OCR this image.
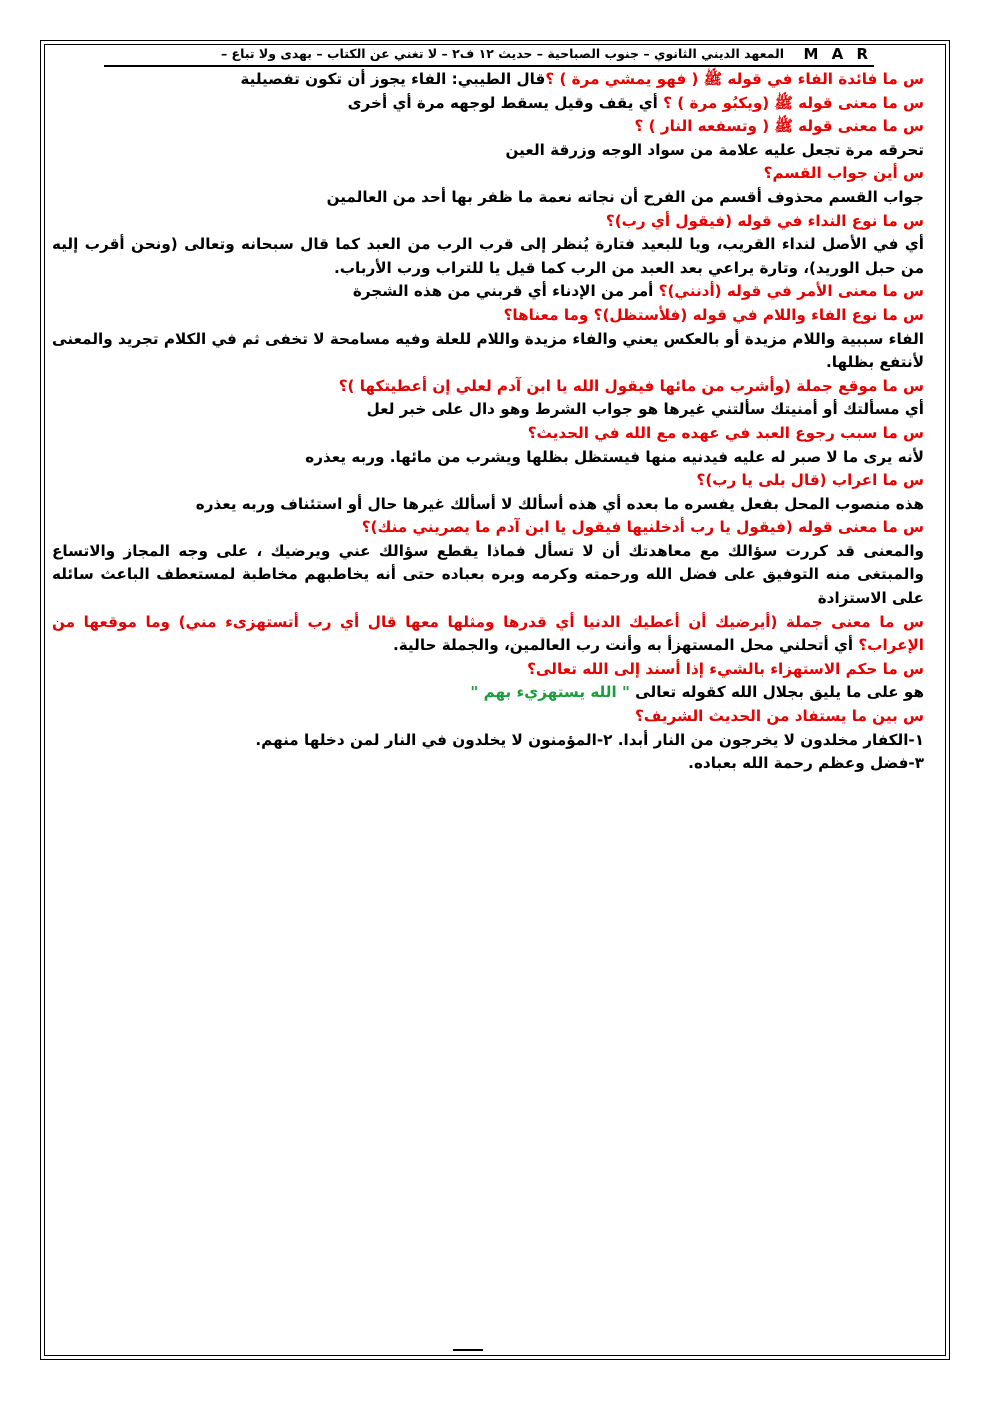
M A R
المعهد الديني الثانوي – جنوب الصباحية – حديث ١٢ ف٢ – لا تغني عن الكتاب – بهدى ولا تباع –

س ما فائدة الفاء في قوله ﷺ ( فهو يمشي مرة ) ؟قال الطيبي: الفاء يجوز أن تكون تفصيلية

س ما معنى قوله ﷺ (ويكبُو مرة ) ؟ أي يقف وقيل يسقط لوجهه مرة أي أخرى

س ما معنى قوله ﷺ ( وتسفعه النار ) ؟

تحرقه مرة تجعل عليه علامة من سواد الوجه وزرقة العين

س أين جواب القسم؟

جواب القسم محذوف أقسم من الفرح أن نجاته نعمة ما ظفر بها أحد من العالمين

س ما نوع النداء في قوله (فيقول أي رب)؟

أي في الأصل لنداء القريب، ويا للبعيد فتارة يُنظر إلى قرب الرب من العبد كما قال سبحانه وتعالى (ونحن أقرب إليه من حبل الوريد)، وتارة يراعي بعد العبد من الرب كما قيل يا للتراب ورب الأرباب.

س ما معنى الأمر في قوله (أدنني)؟ أمر من الإدناء أي قربني من هذه الشجرة

س ما نوع الفاء واللام في قوله (فلأستظل)؟ وما معناها؟

الفاء سببية واللام مزيدة أو بالعكس يعني والفاء مزيدة واللام للعلة وفيه مسامحة لا تخفى ثم في الكلام تجريد والمعنى لأنتفع بظلها.

س ما موقع جملة (وأشرب من مائها فيقول الله يا ابن آدم لعلي إن أعطيتكها )؟

أي مسألتك أو أمنيتك سألتني غيرها هو جواب الشرط وهو دال على خبر لعل

س ما سبب رجوع العبد في عهده مع الله في الحديث؟

لأنه يرى ما لا صبر له عليه فيدنيه منها فيستظل بظلها ويشرب من مائها. وربه يعذره

س ما اعراب (قال بلى يا رب)؟

هذه منصوب المحل بفعل يفسره ما بعده أي هذه أسألك لا أسألك غيرها حال أو استئناف وربه يعذره

س ما معنى قوله (فيقول يا رب أدخلنيها فيقول يا ابن آدم ما يصريني منك)؟

والمعنى قد كررت سؤالك مع معاهدتك أن لا تسأل فماذا يقطع سؤالك عني ويرضيك ، على وجه المجاز والاتساع والمبتغى منه التوفيق على فضل الله ورحمته وكرمه وبره بعباده حتى أنه يخاطبهم مخاطبة لمستعطف الباعث سائله على الاستزادة

س ما معنى جملة (أيرضيك أن أعطيك الدنيا أي قدرها ومثلها معها قال أي رب أتستهزىء مني) وما موقعها من الإعراب؟ أي أتحلني محل المستهزأ به وأنت رب العالمين، والجملة حالية.

س ما حكم الاستهزاء بالشيء إذا أسند إلى الله تعالى؟

هو على ما يليق بجلال الله كقوله تعالى " الله يستهزيء بهم "

س بين ما يستفاد من الحديث الشريف؟

١-الكفار مخلدون لا يخرجون من النار أبدا. ٢-المؤمنون لا يخلدون في النار لمن دخلها منهم.

٣-فضل وعظم رحمة الله بعباده.
